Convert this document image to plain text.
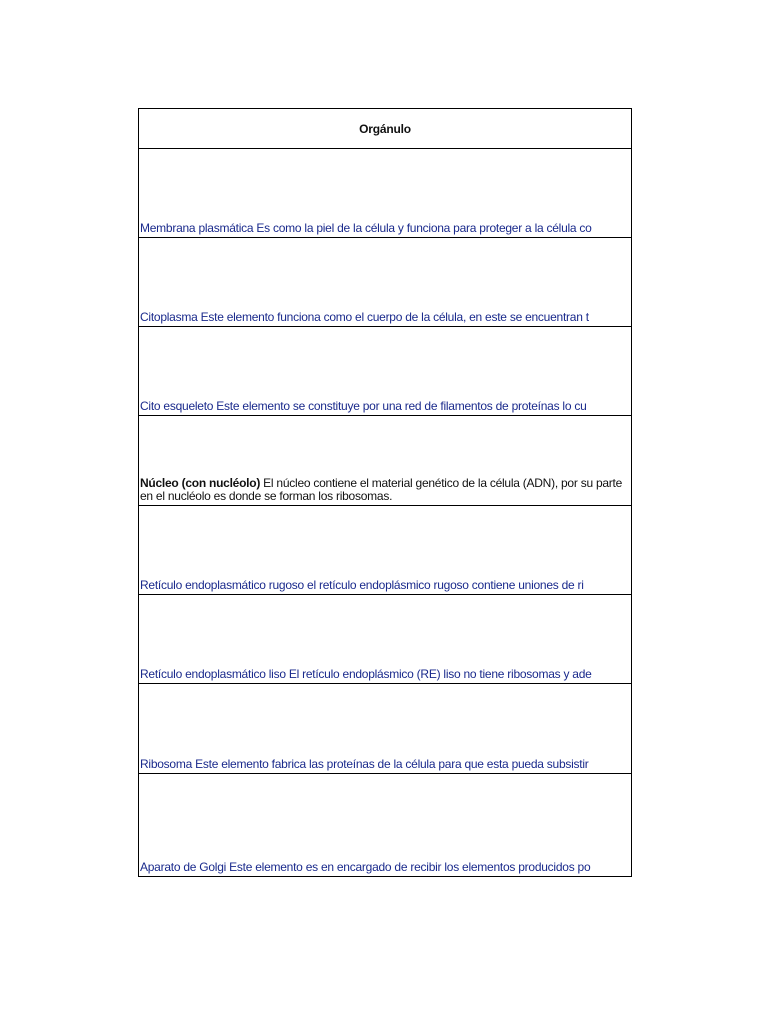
Orgánulo
Membrana plasmática Es como la piel de la célula y funciona para proteger a la célula co
Citoplasma Este elemento funciona como el cuerpo de la célula, en este se encuentran t
Cito esqueleto Este elemento se constituye por una red de filamentos de proteínas lo cu
Núcleo (con nucléolo) El núcleo contiene el material genético de la célula (ADN), por su parte en el nucléolo es donde se forman los ribosomas.
Retículo endoplasmático rugoso el retículo endoplásmico rugoso contiene uniones de ri
Retículo endoplasmático liso El retículo endoplásmico (RE) liso no tiene ribosomas y ade
Ribosoma Este elemento fabrica las proteínas de la célula para que esta pueda subsistir
Aparato de Golgi Este elemento es en encargado de recibir los elementos producidos po
